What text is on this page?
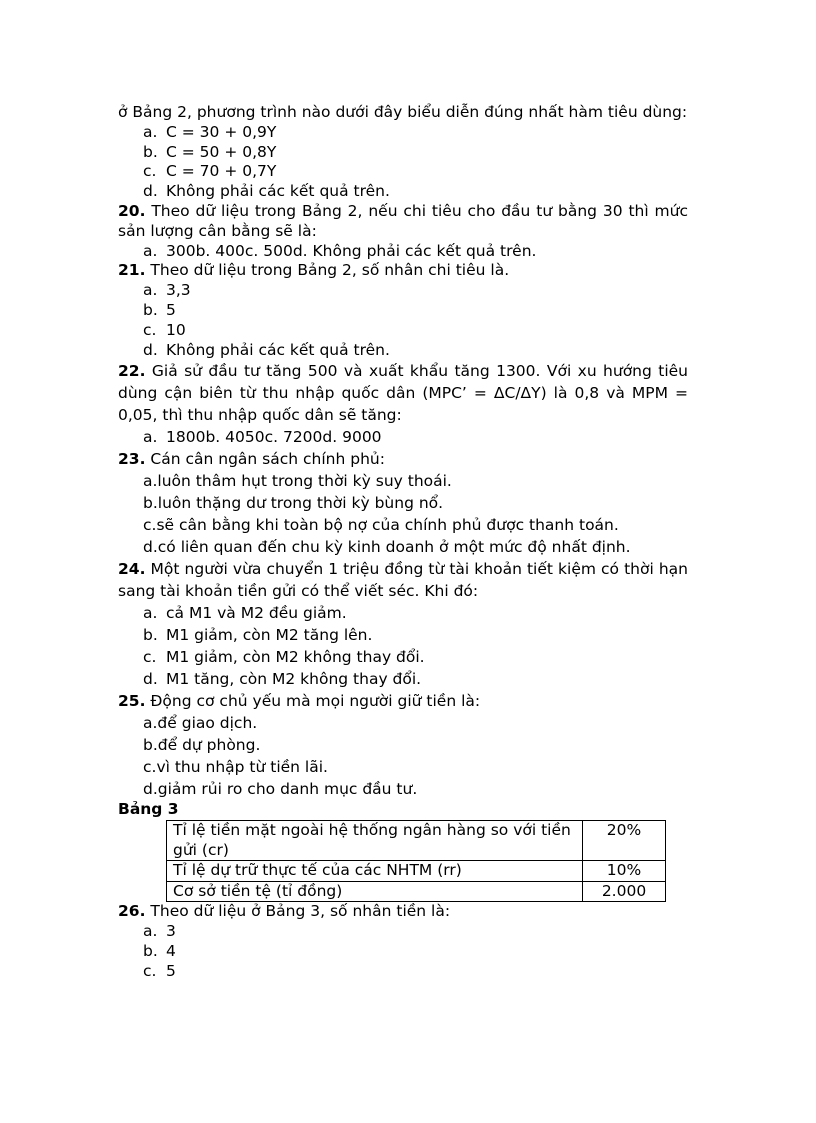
ở Bảng 2, phương trình nào dưới đây biểu diễn đúng nhất hàm tiêu dùng:

a. C = 30 + 0,9Y
b. C = 50 + 0,8Y
c. C = 70 + 0,7Y
d. Không phải các kết quả trên.
20. Theo dữ liệu trong Bảng 2, nếu chi tiêu cho đầu tư bằng 30 thì mức sản lượng cân bằng sẽ là:
a. 300b. 400c. 500d. Không phải các kết quả trên.
21. Theo dữ liệu trong Bảng 2, số nhân chi tiêu là.
a. 3,3
b. 5
c. 10
d. Không phải các kết quả trên.
22. Giả sử đầu tư tăng 500 và xuất khẩu tăng 1300. Với xu hướng tiêu dùng cận biên từ thu nhập quốc dân (MPC’ = ΔC/ΔY) là 0,8 và MPM = 0,05, thì thu nhập quốc dân sẽ tăng:
a. 1800b. 4050c. 7200d. 9000
23. Cán cân ngân sách chính phủ:
a.luôn thâm hụt trong thời kỳ suy thoái.
b.luôn thặng dư trong thời kỳ bùng nổ.
c.sẽ cân bằng khi toàn bộ nợ của chính phủ được thanh toán.
d.có liên quan đến chu kỳ kinh doanh ở một mức độ nhất định.
24. Một người vừa chuyển 1 triệu đồng từ tài khoản tiết kiệm có thời hạn sang tài khoản tiền gửi có thể viết séc. Khi đó:
a. cả M1 và M2 đều giảm.
b. M1 giảm, còn M2 tăng lên.
c. M1 giảm, còn M2 không thay đổi.
d. M1 tăng, còn M2 không thay đổi.
25. Động cơ chủ yếu mà mọi người giữ tiền là:
a.để giao dịch.
b.để dự phòng.
c.vì thu nhập từ tiền lãi.
d.giảm rủi ro cho danh mục đầu tư.

Bảng 3

Tỉ lệ tiền mặt ngoài hệ thống ngân hàng so với tiền gửi (cr)	20%
Tỉ lệ dự trữ thực tế của các NHTM (rr)	10%
Cơ sở tiền tệ (tỉ đồng)	2.000
26. Theo dữ liệu ở Bảng 3, số nhân tiền là:
a. 3
b. 4
c. 5
